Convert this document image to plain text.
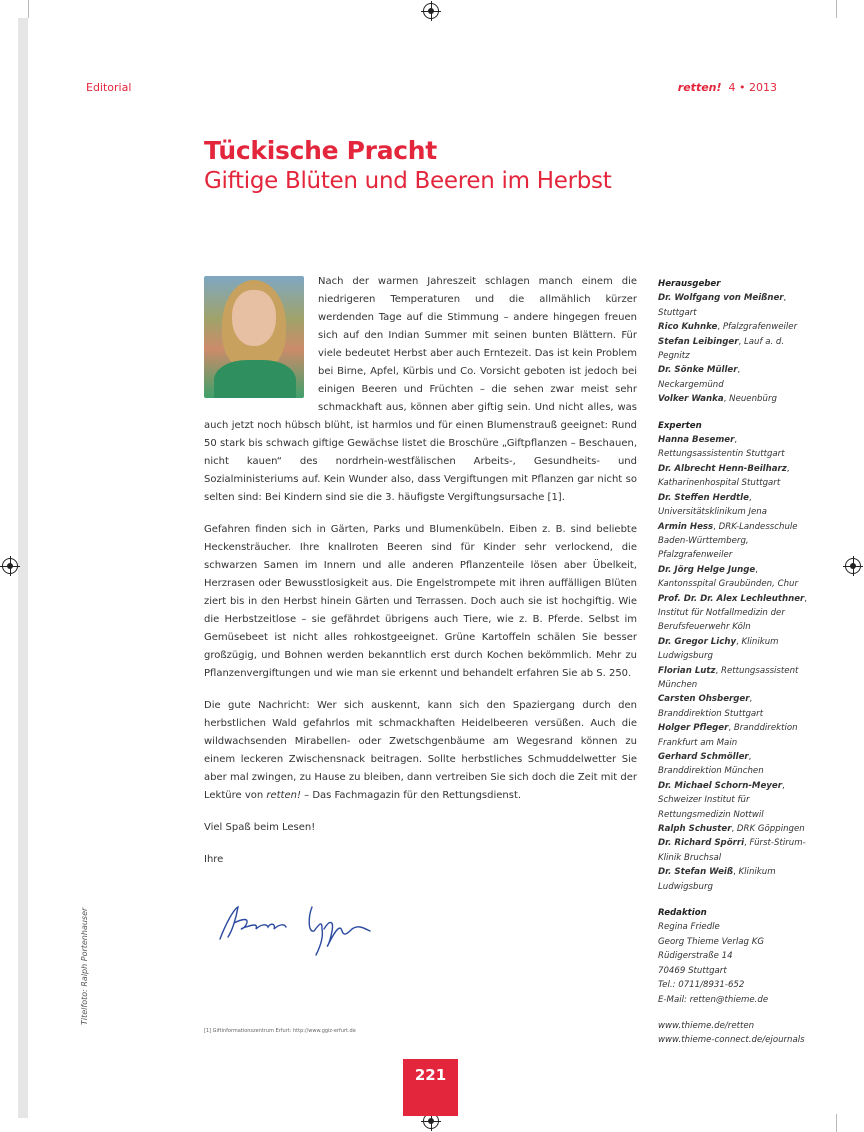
Editorial	retten! 4 • 2013
Tückische Pracht
Giftige Blüten und Beeren im Herbst

Nach der warmen Jahreszeit schlagen manch einem die niedrigeren Temperaturen und die allmählich kürzer werdenden Tage auf die Stimmung – andere hingegen freuen sich auf den Indian Summer mit seinen bunten Blättern. Für viele bedeutet Herbst aber auch Erntezeit. Das ist kein Problem bei Birne, Apfel, Kürbis und Co. Vorsicht geboten ist jedoch bei einigen Beeren und Früchten – die sehen zwar meist sehr schmackhaft aus, können aber giftig sein. Und nicht alles, was auch jetzt noch hübsch blüht, ist harmlos und für einen Blumenstrauß geeignet: Rund 50 stark bis schwach giftige Gewächse listet die Broschüre „Giftpflanzen – Beschauen, nicht kauen“ des nordrhein-westfälischen Arbeits-, Gesundheits- und Sozialministeriums auf. Kein Wunder also, dass Vergiftungen mit Pflanzen gar nicht so selten sind: Bei Kindern sind sie die 3. häufigste Vergiftungsursache [1].

Gefahren finden sich in Gärten, Parks und Blumenkübeln. Eiben z. B. sind beliebte Heckensträucher. Ihre knallroten Beeren sind für Kinder sehr verlockend, die schwarzen Samen im Innern und alle anderen Pflanzenteile lösen aber Übelkeit, Herzrasen oder Bewusstlosigkeit aus. Die Engelstrompete mit ihren auffälligen Blüten ziert bis in den Herbst hinein Gärten und Terrassen. Doch auch sie ist hochgiftig. Wie die Herbstzeitlose – sie gefährdet übrigens auch Tiere, wie z. B. Pferde. Selbst im Gemüsebeet ist nicht alles rohkostgeeignet. Grüne Kartoffeln schälen Sie besser großzügig, und Bohnen werden bekanntlich erst durch Kochen bekömmlich. Mehr zu Pflanzenvergiftungen und wie man sie erkennt und behandelt erfahren Sie ab S. 250.

Die gute Nachricht: Wer sich auskennt, kann sich den Spaziergang durch den herbstlichen Wald gefahrlos mit schmackhaften Heidelbeeren versüßen. Auch die wildwachsenden Mirabellen- oder Zwetschgenbäume am Wegesrand können zu einem leckeren Zwischensnack beitragen. Sollte herbstliches Schmuddelwetter Sie aber mal zwingen, zu Hause zu bleiben, dann vertreiben Sie sich doch die Zeit mit der Lektüre von retten! – Das Fachmagazin für den Rettungsdienst.

Viel Spaß beim Lesen!

Ihre

[1] Giftinformationszentrum Erfurt: http://www.ggiz-erfurt.de
Titelfoto: Ralph Portenhauser
Herausgeber
Dr. Wolfgang von Meißner, Stuttgart
Rico Kuhnke, Pfalzgrafenweiler
Stefan Leibinger, Lauf a. d. Pegnitz
Dr. Sönke Müller, Neckargemünd
Volker Wanka, Neuenbürg
Experten
Hanna Besemer, Rettungsassistentin Stuttgart
Dr. Albrecht Henn-Beilharz, Katharinenhospital Stuttgart
Dr. Steffen Herdtle, Universitätsklinikum Jena
Armin Hess, DRK-Landesschule Baden-Württemberg, Pfalzgrafenweiler
Dr. Jörg Helge Junge, Kantonsspital Graubünden, Chur
Prof. Dr. Dr. Alex Lechleuthner, Institut für Notfallmedizin der Berufsfeuerwehr Köln
Dr. Gregor Lichy, Klinikum Ludwigsburg
Florian Lutz, Rettungsassistent München
Carsten Ohsberger, Branddirektion Stuttgart
Holger Pfleger, Branddirektion Frankfurt am Main
Gerhard Schmöller, Branddirektion München
Dr. Michael Schorn-Meyer, Schweizer Institut für Rettungsmedizin Nottwil
Ralph Schuster, DRK Göppingen
Dr. Richard Spörri, Fürst-Stirum-Klinik Bruchsal
Dr. Stefan Weiß, Klinikum Ludwigsburg
Redaktion
Regina Friedle
Georg Thieme Verlag KG
Rüdigerstraße 14
70469 Stuttgart
Tel.: 0711/8931-652
E-Mail: retten@thieme.de
www.thieme.de/retten
www.thieme-connect.de/ejournals
221
